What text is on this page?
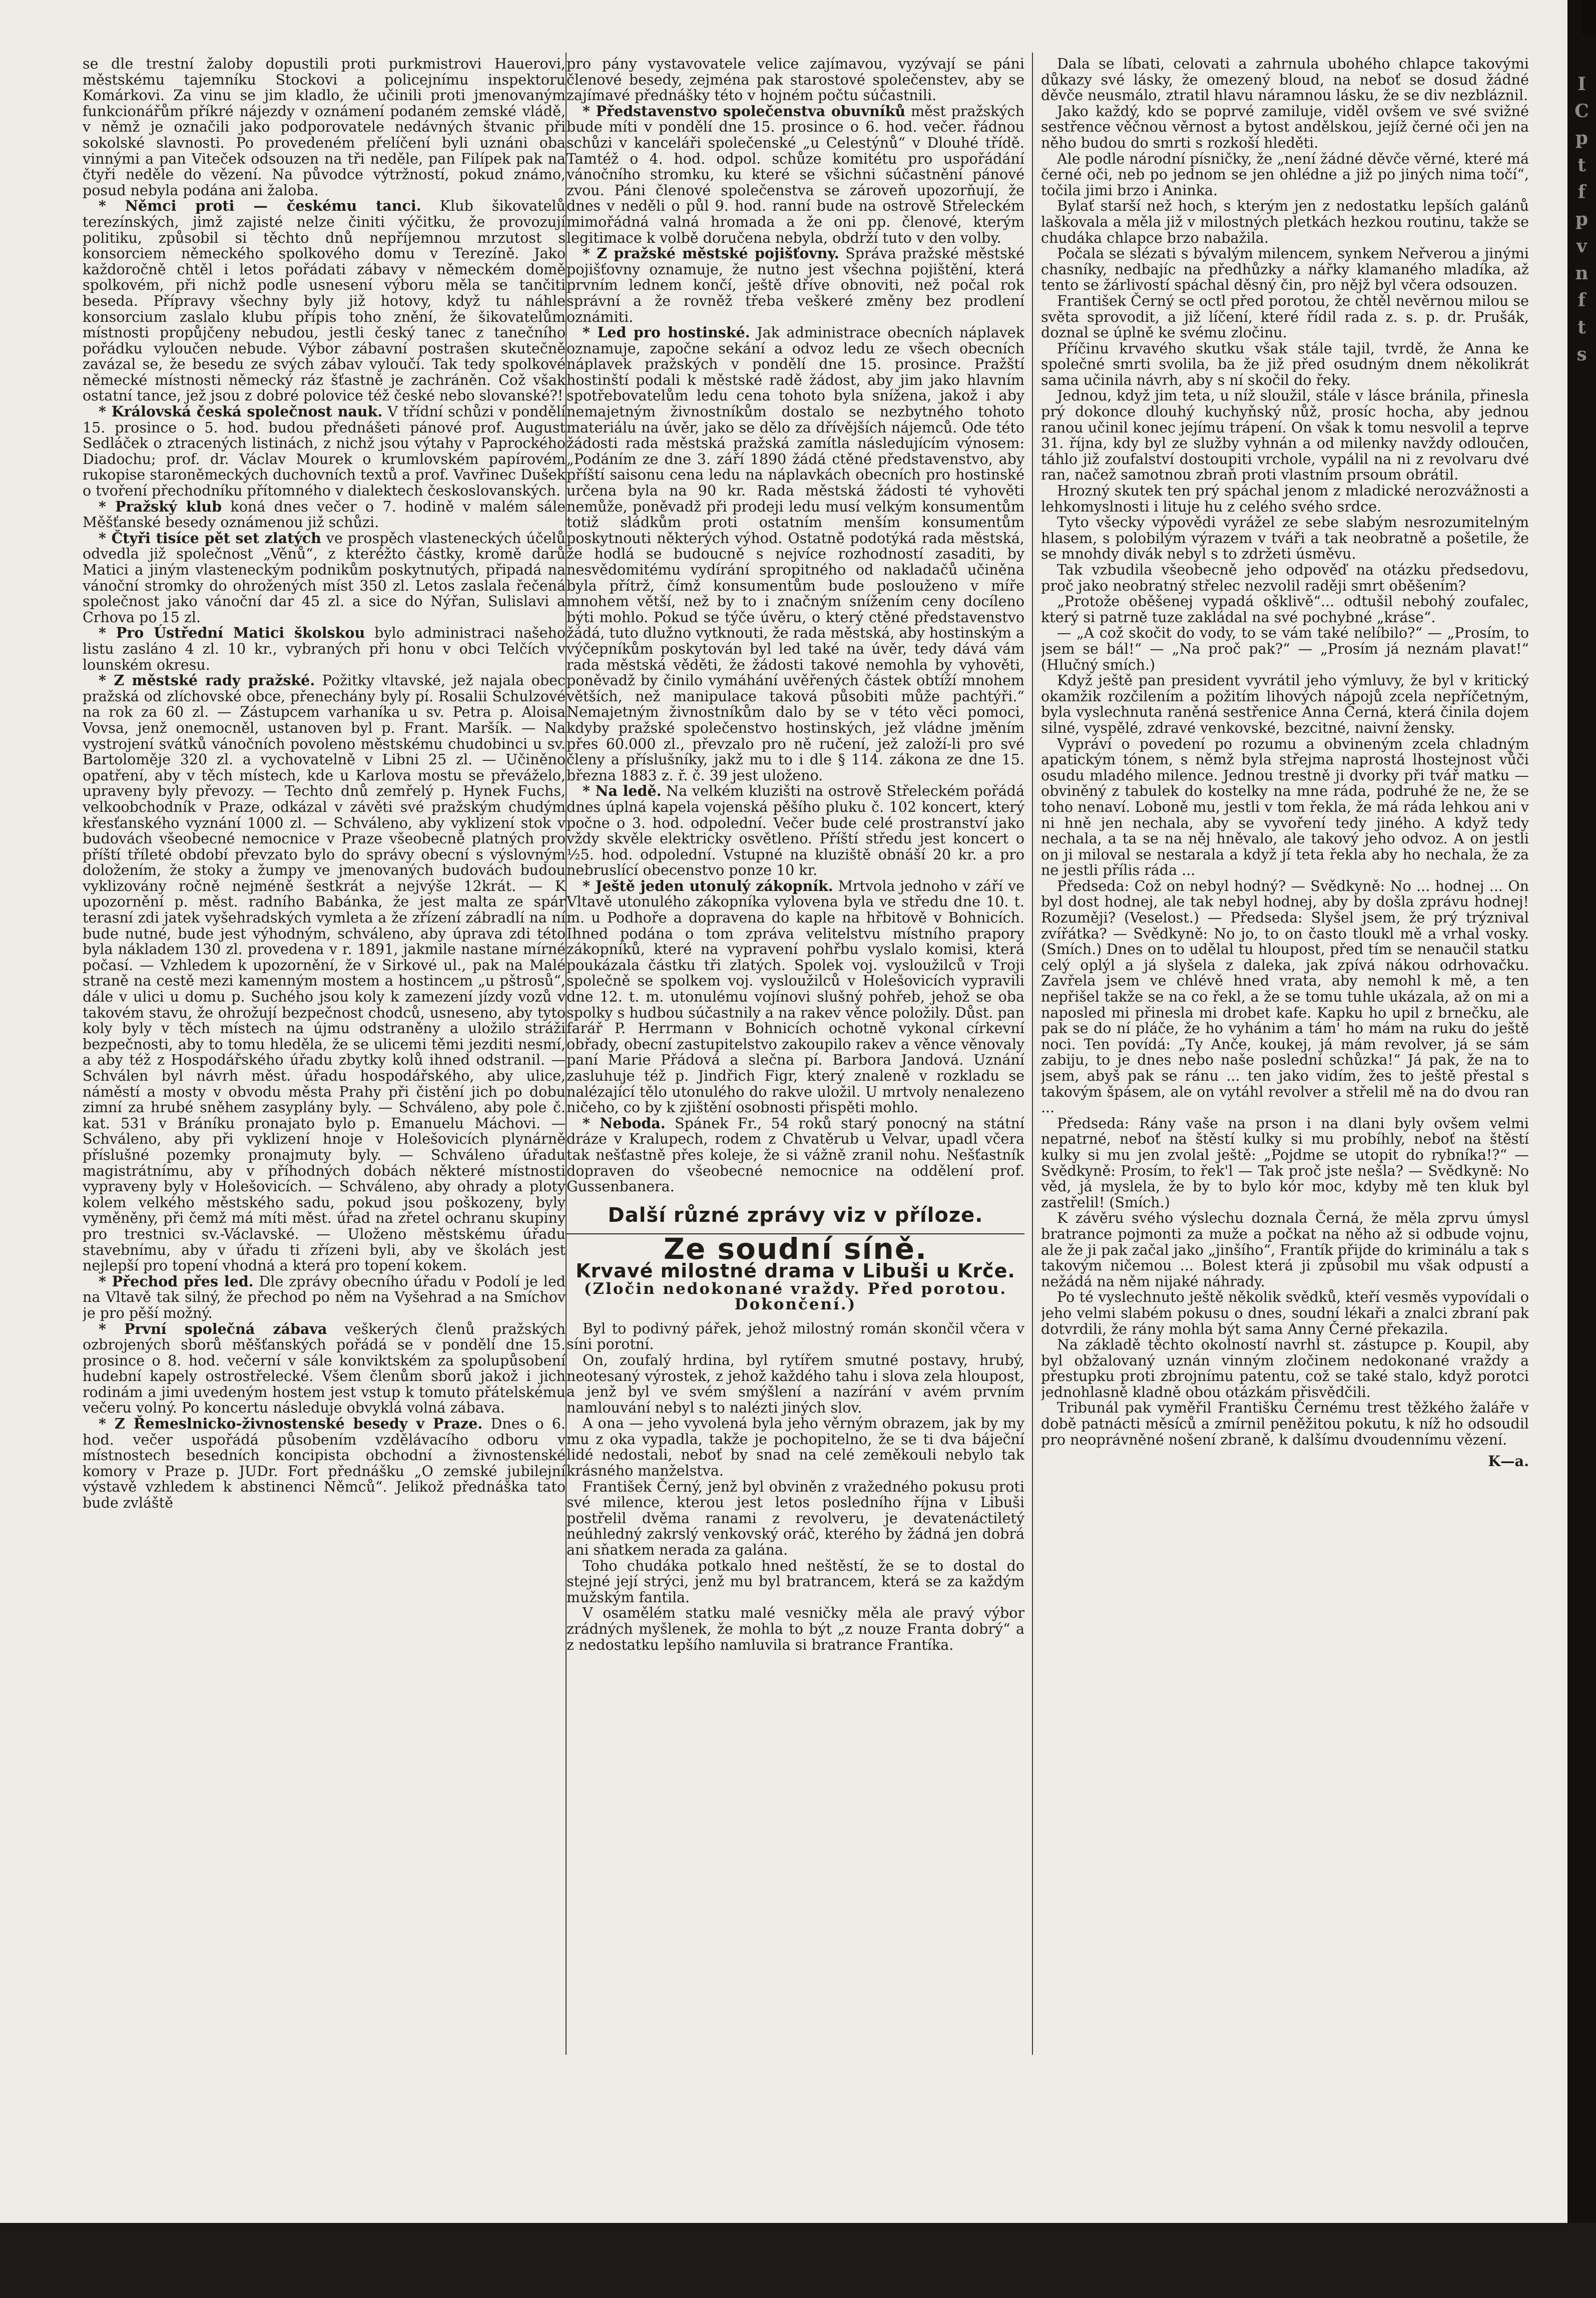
se dle trestní žaloby dopustili proti purkmistrovi Hauerovi, městskému tajemníku Stockovi a policejnímu inspektoru Komárkovi. Za vinu se jim kladlo, že učinili proti jmenovaným funkcionářům příkré nájezdy v oznámení podaném zemské vládě, v němž je označili jako podporovatele nedávných štvanic při sokolské slavnosti. Po provedeném přelíčení byli uznáni oba vinnými a pan Viteček odsouzen na tři neděle, pan Filípek pak na čtyři neděle do vězení. Na původce výtržností, pokud známo, posud nebyla podána ani žaloba.

* Němci proti — českému tanci. Klub šikovatelů terezínských, jimž zajisté nelze činiti výčitku, že provozují politiku, způsobil si těchto dnů nepříjemnou mrzutost s konsorciem německého spolkového domu v Terezíně. Jako každoročně chtěl i letos pořádati zábavy v německém domě spolkovém, při nichž podle usnesení výboru měla se tančiti beseda. Přípravy všechny byly již hotovy, když tu náhle konsorcium zaslalo klubu přípis toho znění, že šikovatelům místnosti propůjčeny nebudou, jestli český tanec z tanečního pořádku vyloučen nebude. Výbor zábavní postrašen skutečně zavázal se, že besedu ze svých zábav vyloučí. Tak tedy spolkové německé místnosti německý ráz šťastně je zachráněn. Což však ostatní tance, jež jsou z dobré polovice též české nebo slovanské?!

* Královská česká společnost nauk. V třídní schůzi v pondělí 15. prosince o 5. hod. budou přednášeti pánové prof. August Sedláček o ztracených listinách, z nichž jsou výtahy v Paprockého Diadochu; prof. dr. Václav Mourek o krumlovském papírovém rukopise staroněmeckých duchovních textů a prof. Vavřinec Dušek o tvoření přechodníku přítomného v dialektech českoslovanských.

* Pražský klub koná dnes večer o 7. hodině v malém sále Měšťanské besedy oznámenou již schůzi.

* Čtyři tisíce pět set zlatých ve prospěch vlasteneckých účelů odvedla již společnost „Věnů“, z kteréžto částky, kromě darů Matici a jiným vlasteneckým podnikům poskytnutých, připadá na vánoční stromky do ohrožených míst 350 zl. Letos zaslala řečená společnost jako vánoční dar 45 zl. a sice do Nýřan, Sulislavi a Crhova po 15 zl.

* Pro Ústřední Matici školskou bylo administraci našeho listu zasláno 4 zl. 10 kr., vybraných při honu v obci Telčích v lounském okresu.

* Z městské rady pražské. Požitky vltavské, jež najala obec pražská od zlíchovské obce, přenechány byly pí. Rosalii Schulzové na rok za 60 zl. — Zástupcem varhaníka u sv. Petra p. Aloisa Vovsa, jenž onemocněl, ustanoven byl p. Frant. Maršík. — Na vystrojení svátků vánočních povoleno městskému chudobinci u sv. Bartoloměje 320 zl. a vychovatelně v Libni 25 zl. — Učiněno opatření, aby v těch místech, kde u Karlova mostu se převáželo, upraveny byly převozy. — Techto dnů zemřelý p. Hynek Fuchs, velkoobchodník v Praze, odkázal v závěti své pražským chudým křesťanského vyznání 1000 zl. — Schváleno, aby vyklizení stok v budovách všeobecné nemocnice v Praze všeobecně platných pro příští tříleté období převzato bylo do správy obecní s výslovným doložením, že stoky a žumpy ve jmenovaných budovách budou vyklizovány ročně nejméně šestkrát a nejvýše 12krát. — K upozornění p. měst. radního Babánka, že jest malta ze spár terasní zdi jatek vyšehradských vymleta a že zřízení zábradlí na ní bude nutné, bude jest výhodným, schváleno, aby úprava zdi této byla nákladem 130 zl. provedena v r. 1891, jakmile nastane mírné počasí. — Vzhledem k upozornění, že v Sirkové ul., pak na Malé straně na cestě mezi kamenným mostem a hostincem „u pštrosů“, dále v ulici u domu p. Suchého jsou koly k zamezení jízdy vozů v takovém stavu, že ohrožují bezpečnost chodců, usneseno, aby tyto koly byly v těch místech na újmu odstraněny a uložilo stráži bezpečnosti, aby to tomu hleděla, že se ulicemi těmi jezditi nesmí, a aby též z Hospodářského úřadu zbytky kolů ihned odstranil. — Schválen byl návrh měst. úřadu hospodářského, aby ulice, náměstí a mosty v obvodu města Prahy při čistění jich po dobu zimní za hrubé sněhem zasyplány byly. — Schváleno, aby pole č. kat. 531 v Bráníku pronajato bylo p. Emanuelu Máchovi. — Schváleno, aby při vyklizení hnoje v Holešovicích plynárně příslušné pozemky pronajmuty byly. — Schváleno úřadu magistrátnímu, aby v příhodných dobách některé místnosti vypraveny byly v Holešovicích. — Schváleno, aby ohrady a ploty kolem velkého městského sadu, pokud jsou poškozeny, byly vyměněny, při čemž má míti měst. úřad na zřetel ochranu skupiny pro trestnici sv.-Václavské. — Uloženo městskému úřadu stavebnímu, aby v úřadu ti zřízeni byli, aby ve školách jest nejlepší pro topení vhodná a která pro topení kokem.

* Přechod přes led. Dle zprávy obecního úřadu v Podolí je led na Vltavě tak silný, že přechod po něm na Vyšehrad a na Smíchov je pro pěší možný.

* První společná zábava veškerých členů pražských ozbrojených sborů měšťanských pořádá se v pondělí dne 15. prosince o 8. hod. večerní v sále konviktském za spolupůsobení hudební kapely ostrostřelecké. Všem členům sborů jakož i jich rodinám a jimi uvedeným hostem jest vstup k tomuto přátelskému večeru volný. Po koncertu následuje obvyklá volná zábava.

* Z Řemeslnicko-živnostenské besedy v Praze. Dnes o 6. hod. večer uspořádá působením vzdělávacího odboru v místnostech besedních koncipista obchodní a živnostenské komory v Praze p. JUDr. Fort přednášku „O zemské jubilejní výstavě vzhledem k abstinenci Němců“. Jelikož přednáška tato bude zvláště

pro pány vystavovatele velice zajímavou, vyzývají se páni členové besedy, zejména pak starostové společenstev, aby se zajímavé přednášky této v hojném počtu súčastnili.

* Představenstvo společenstva obuvníků měst pražských bude míti v pondělí dne 15. prosince o 6. hod. večer. řádnou schůzi v kanceláři společenské „u Celestýnů“ v Dlouhé třídě. Tamtéž o 4. hod. odpol. schůze komitétu pro uspořádání vánočního stromku, ku které se všichni súčastnění pánové zvou. Páni členové společenstva se zároveň upozorňují, že dnes v neděli o půl 9. hod. ranní bude na ostrově Střeleckém mimořádná valná hromada a že oni pp. členové, kterým legitimace k volbě doručena nebyla, obdrží tuto v den volby.

* Z pražské městské pojišťovny. Správa pražské městské pojišťovny oznamuje, že nutno jest všechna pojištění, která prvním lednem končí, ještě dříve obnoviti, než počal rok správní a že rovněž třeba veškeré změny bez prodlení oznámiti.

* Led pro hostinské. Jak administrace obecních náplavek oznamuje, započne sekání a odvoz ledu ze všech obecních náplavek pražských v pondělí dne 15. prosince. Pražští hostinští podali k městské radě žádost, aby jim jako hlavním spotřebovatelům ledu cena tohoto byla snížena, jakož i aby nemajetným živnostníkům dostalo se nezbytného tohoto materiálu na úvěr, jako se dělo za dřívějších nájemců. Ode této žádosti rada městská pražská zamítla následujícím výnosem: „Podáním ze dne 3. září 1890 žádá ctěné představenstvo, aby příští saisonu cena ledu na náplavkách obecních pro hostinské určena byla na 90 kr. Rada městská žádosti té vyhověti nemůže, poněvadž při prodeji ledu musí velkým konsumentům totiž sládkům proti ostatním menším konsumentům poskytnouti některých výhod. Ostatně podotýká rada městská, že hodlá se budoucně s nejvíce rozhodností zasaditi, by nesvědomitému vydírání spropitného od nakladačů učiněna byla přítrž, čímž konsumentům bude poslouženo v míře mnohem větší, než by to i značným snížením ceny docíleno býti mohlo. Pokud se týče úvěru, o který ctěné představenstvo žádá, tuto dlužno vytknouti, že rada městská, aby hostinským a výčepníkům poskytován byl led také na úvěr, tedy dává vám rada městská věděti, že žádosti takové nemohla by vyhověti, poněvadž by činilo vymáhání uvěřených částek obtíží mnohem větších, než manipulace taková působiti může pachtýři.“ Nemajetným živnostníkům dalo by se v této věci pomoci, kdyby pražské společenstvo hostinských, jež vládne jměním přes 60.000 zl., převzalo pro ně ručení, jež založí-li pro své členy a příslušníky, jakž mu to i dle § 114. zákona ze dne 15. března 1883 z. ř. č. 39 jest uloženo.

* Na ledě. Na velkém kluzišti na ostrově Střeleckém pořádá dnes úplná kapela vojenská pěšího pluku č. 102 koncert, který počne o 3. hod. odpolední. Večer bude celé prostranství jako vždy skvěle elektricky osvětleno. Příští středu jest koncert o ½5. hod. odpolední. Vstupné na kluziště obnáší 20 kr. a pro nebruslící obecenstvo ponze 10 kr.

* Ještě jeden utonulý zákopník. Mrtvola jednoho v září ve Vltavě utonulého zákopníka vylovena byla ve středu dne 10. t. m. u Podhoře a dopravena do kaple na hřbitově v Bohnicích. Ihned podána o tom zpráva velitelstvu místního prapory zákopníků, které na vypravení pohřbu vyslalo komisi, která poukázala částku tři zlatých. Spolek voj. vysloužilců v Troji společně se spolkem voj. vysloužilců v Holešovicích vypravili dne 12. t. m. utonulému vojínovi slušný pohřeb, jehož se oba spolky s hudbou súčastnily a na rakev věnce položily. Důst. pan farář P. Herrmann v Bohnicích ochotně vykonal církevní obřady, obecní zastupitelstvo zakoupilo rakev a věnce věnovaly paní Marie Přádová a slečna pí. Barbora Jandová. Uznání zasluhuje též p. Jindřich Figr, který znaleně v rozkladu se nalézající tělo utonulého do rakve uložil. U mrtvoly nenalezeno ničeho, co by k zjištění osobnosti přispěti mohlo.

* Neboda. Spánek Fr., 54 roků starý ponocný na státní dráze v Kralupech, rodem z Chvatěrub u Velvar, upadl včera tak nešťastně přes koleje, že si vážně zranil nohu. Nešťastník dopraven do všeobecné nemocnice na oddělení prof. Gussenbanera.

Další různé zprávy viz v příloze.
Ze soudní síně.
Krvavé milostné drama v Libuši u Krče.
(Zločin nedokonané vraždy. Před porotou. Dokončení.)

Byl to podivný pářek, jehož milostný román skončil včera v síni porotní.

On, zoufalý hrdina, byl rytířem smutné postavy, hrubý, neotesaný výrostek, z jehož každého tahu i slova zela hloupost, a jenž byl ve svém smýšlení a nazírání v avém prvním namlouvání nebyl s to nalézti jiných slov.

A ona — jeho vyvolená byla jeho věrným obrazem, jak by my mu z oka vypadla, takže je pochopitelno, že se ti dva báječní lidé nedostali, neboť by snad na celé zeměkouli nebylo tak krásného manželstva.

František Černý, jenž byl obviněn z vražedného pokusu proti své milence, kterou jest letos posledního října v Libuši postřelil dvěma ranami z revolveru, je devatenáctiletý neúhledný zakrslý venkovský oráč, kterého by žádná jen dobrá ani sňatkem nerada za galána.

Toho chudáka potkalo hned neštěstí, že se to dostal do stejné její strýci, jenž mu byl bratrancem, která se za každým mužským fantila.

V osamělém statku malé vesničky měla ale pravý výbor zrádných myšlenek, že mohla to být „z nouze Franta dobrý“ a z nedostatku lepšího namluvila si bratrance Frantíka.

Dala se líbati, celovati a zahrnula ubohého chlapce takovými důkazy své lásky, že omezený bloud, na neboť se dosud žádné děvče neusmálo, ztratil hlavu náramnou lásku, že se div nezbláznil.

Jako každý, kdo se poprvé zamiluje, viděl ovšem ve své svižné sestřence věčnou věrnost a bytost andělskou, jejíž černé oči jen na něho budou do smrti s rozkoší hleděti.

Ale podle národní písničky, že „není žádné děvče věrné, které má černé oči, neb po jednom se jen ohlédne a již po jiných nima točí“, točila jimi brzo i Aninka.

Bylať starší než hoch, s kterým jen z nedostatku lepších galánů laškovala a měla již v milostných pletkách hezkou routinu, takže se chudáka chlapce brzo nabažila.

Počala se slézati s bývalým milencem, synkem Neřverou a jinými chasníky, nedbajíc na předhůzky a nářky klamaného mladíka, až tento se žárlivostí spáchal děsný čin, pro nějž byl včera odsouzen.

František Černý se octl před porotou, že chtěl nevěrnou milou se světa sprovodit, a již líčení, které řídil rada z. s. p. dr. Prušák, doznal se úplně ke svému zločinu.

Příčinu krvavého skutku však stále tajil, tvrdě, že Anna ke společné smrti svolila, ba že již před osudným dnem několikrát sama učinila návrh, aby s ní skočil do řeky.

Jednou, když jim teta, u níž sloužil, stále v lásce bránila, přinesla prý dokonce dlouhý kuchyňský nůž, prosíc hocha, aby jednou ranou učinil konec jejímu trápení. On však k tomu nesvolil a teprve 31. října, kdy byl ze služby vyhnán a od milenky navždy odloučen, táhlo již zoufalství dostoupiti vrchole, vypálil na ni z revolvaru dvé ran, načež samotnou zbraň proti vlastním prsoum obrátil.

Hrozný skutek ten prý spáchal jenom z mladické nerozvážnosti a lehkomyslnosti i lituje hu z celého svého srdce.

Tyto všecky výpovědi vyrážel ze sebe slabým nesrozumitelným hlasem, s polobilým výrazem v tváři a tak neobratně a pošetile, že se mnohdy divák nebyl s to zdržeti úsměvu.

Tak vzbudila všeobecně jeho odpověď na otázku předsedovu, proč jako neobratný střelec nezvolil raději smrt oběšením?

„Protože oběšenej vypadá ošklivě“... odtušil nebohý zoufalec, který si patrně tuze zakládal na své pochybné „kráse“.

— „A což skočit do vody, to se vám také nelíbilo?“ — „Prosím, to jsem se bál!“ — „Na proč pak?“ — „Prosím já neznám plavat!“ (Hlučný smích.)

Když ještě pan president vyvrátil jeho výmluvy, že byl v kritický okamžik rozčilením a požitím lihových nápojů zcela nepříčetným, byla vyslechnuta raněná sestřenice Anna Černá, která činila dojem silné, vyspělé, zdravé venkovské, bezcitné, naivní žensky.

Vypráví o povedení po rozumu a obvineným zcela chladným apatickým tónem, s němž byla střejma naprostá lhostejnost vůči osudu mladého milence. Jednou trestně ji dvorky při tvář matku — obviněný z tabulek do kostelky na mne ráda, podruhé že ne, že se toho nenaví. Loboně mu, jestli v tom řekla, že má ráda lehkou ani v ni hně jen nechala, aby se vyvoření tedy jiného. A když tedy nechala, a ta se na něj hněvalo, ale takový jeho odvoz. A on jestli on ji miloval se nestarala a když jí teta řekla aby ho nechala, že za ne jestli přílis ráda ...

Předseda: Což on nebyl hodný? — Svědkyně: No ... hodnej ... On byl dost hodnej, ale tak nebyl hodnej, aby by došla zprávu hodnej! Rozuměji? (Veselost.) — Předseda: Slyšel jsem, že prý trýznival zvířátka? — Svědkyně: No jo, to on často tloukl mě a vrhal vosky. (Smích.) Dnes on to udělal tu hloupost, před tím se nenaučil statku celý oplýl a já slyšela z daleka, jak zpívá nákou odrhovačku. Zavřela jsem ve chlévě hned vrata, aby nemohl k mě, a ten nepřišel takže se na co řekl, a že se tomu tuhle ukázala, až on mi a naposled mi přinesla mi drobet kafe. Kapku ho upil z brnečku, ale pak se do ní pláče, že ho vyhánim a tám' ho mám na ruku do ještě noci. Ten povídá: „Ty Anče, koukej, já mám revolver, já se sám zabiju, to je dnes nebo naše poslední schůzka!“ Já pak, že na to jsem, abyš pak se ránu ... ten jako vidím, žes to ještě přestal s takovým špásem, ale on vytáhl revolver a střelil mě na do dvou ran ...

Předseda: Rány vaše na prson i na dlani byly ovšem velmi nepatrné, neboť na štěstí kulky si mu probíhly, neboť na štěstí kulky si mu jen zvolal ještě: „Pojdme se utopit do rybníka!?“ — Svědkyně: Prosím, to řek'l — Tak proč jste nešla? — Svědkyně: No věd, já myslela, že by to bylo kór moc, kdyby mě ten kluk byl zastřelil! (Smích.)

K závěru svého výslechu doznala Černá, že měla zprvu úmysl bratrance pojmonti za muže a počkat na něho až si odbude vojnu, ale že ji pak začal jako „jinšího“, Frantík přijde do kriminálu a tak s takovým ničemou ... Bolest která ji způsobil mu však odpustí a nežádá na něm nijaké náhrady.

Po té vyslechnuto ještě několik svědků, kteří vesměs vypovídali o jeho velmi slabém pokusu o dnes, soudní lékaři a znalci zbraní pak dotvrdili, že rány mohla být sama Anny Černé překazila.

Na základě těchto okolností navrhl st. zástupce p. Koupil, aby byl obžalovaný uznán vinným zločinem nedokonané vraždy a přestupku proti zbrojnímu patentu, což se také stalo, když porotci jednohlasně kladně obou otázkám přisvědčili.

Tribunál pak vyměřil Františku Černému trest těžkého žaláře v době patnácti měsíců a zmírnil peněžitou pokutu, k níž ho odsoudil pro neoprávněné nošení zbraně, k dalšímu dvoudennímu vězení.

K—a.
I
C
p
t
f
p
v
n
f
t
s
